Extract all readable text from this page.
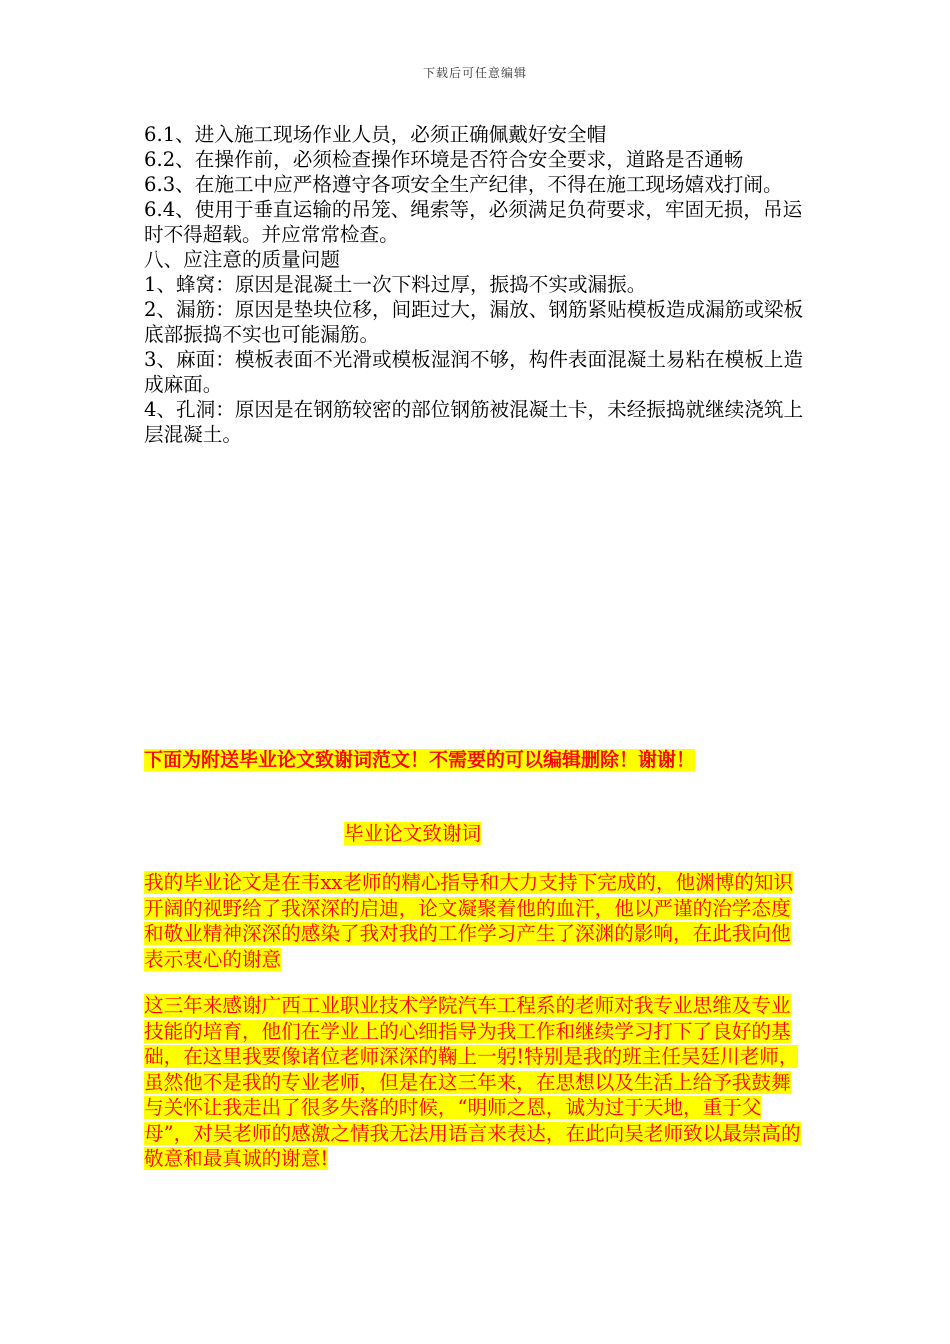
下载后可任意编辑

6.1、进入施工现场作业人员，必须正确佩戴好安全帽

6.2、在操作前，必须检查操作环境是否符合安全要求，道路是否通畅

6.3、在施工中应严格遵守各项安全生产纪律，不得在施工现场嬉戏打闹。

6.4、使用于垂直运输的吊笼、绳索等，必须满足负荷要求，牢固无损，吊运时不得超载。并应常常检查。

八、应注意的质量问题

1、蜂窝：原因是混凝土一次下料过厚，振捣不实或漏振。

2、漏筋：原因是垫块位移，间距过大，漏放、钢筋紧贴模板造成漏筋或梁板底部振捣不实也可能漏筋。

3、麻面：模板表面不光滑或模板湿润不够，构件表面混凝土易粘在模板上造成麻面。

4、孔洞：原因是在钢筋较密的部位钢筋被混凝土卡，未经振捣就继续浇筑上层混凝土。

下面为附送毕业论文致谢词范文！不需要的可以编辑删除！谢谢！
毕业论文致谢词
我的毕业论文是在韦xx老师的精心指导和大力支持下完成的，他渊博的知识开阔的视野给了我深深的启迪，论文凝聚着他的血汗，他以严谨的治学态度和敬业精神深深的感染了我对我的工作学习产生了深渊的影响，在此我向他表示衷心的谢意
这三年来感谢广西工业职业技术学院汽车工程系的老师对我专业思维及专业技能的培育，他们在学业上的心细指导为我工作和继续学习打下了良好的基础，在这里我要像诸位老师深深的鞠上一躬!特别是我的班主任吴廷川老师，虽然他不是我的专业老师，但是在这三年来，在思想以及生活上给予我鼓舞与关怀让我走出了很多失落的时候，“明师之恩，诚为过于天地，重于父母”，对吴老师的感激之情我无法用语言来表达，在此向吴老师致以最崇高的敬意和最真诚的谢意!
